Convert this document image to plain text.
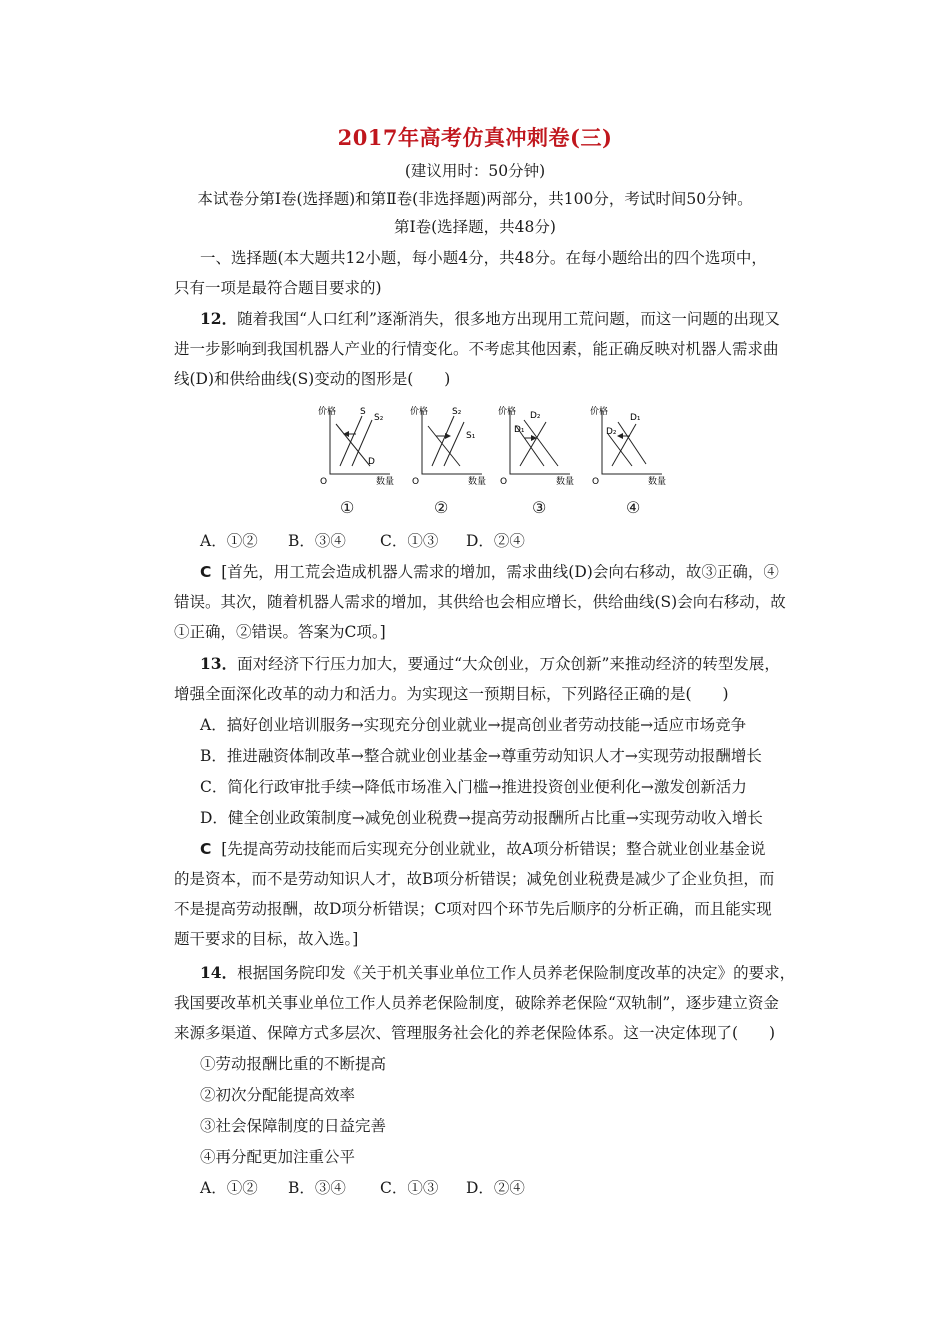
2017年高考仿真冲刺卷(三)
(建议用时：50分钟)
本试卷分第Ⅰ卷(选择题)和第Ⅱ卷(非选择题)两部分，共100分，考试时间50分钟。
第Ⅰ卷(选择题，共48分)
一、选择题(本大题共12小题，每小题4分，共48分。在每小题给出的四个选项中，
只有一项是最符合题目要求的)
12．随着我国“人口红利”逐渐消失，很多地方出现用工荒问题，而这一问题的出现又
进一步影响到我国机器人产业的行情变化。不考虑其他因素，能正确反映对机器人需求曲
线(D)和供给曲线(S)变动的图形是(　　)
价格	S
S₂
D
O	数量
价格	S₂
S₁
O	数量
价格 D₂
D₁
O	数量
价格
D₁
D₂
O	数量
①	②	③	④
A．①② B．③④ C．①③ D．②④
C [首先，用工荒会造成机器人需求的增加，需求曲线(D)会向右移动，故③正确，④
错误。其次，随着机器人需求的增加，其供给也会相应增长，供给曲线(S)会向右移动，故
①正确，②错误。答案为C项。]
13．面对经济下行压力加大，要通过“大众创业，万众创新”来推动经济的转型发展，
增强全面深化改革的动力和活力。为实现这一预期目标，下列路径正确的是(　　)
A．搞好创业培训服务→实现充分创业就业→提高创业者劳动技能→适应市场竞争
B．推进融资体制改革→整合就业创业基金→尊重劳动知识人才→实现劳动报酬增长
C．简化行政审批手续→降低市场准入门槛→推进投资创业便利化→激发创新活力
D．健全创业政策制度→减免创业税费→提高劳动报酬所占比重→实现劳动收入增长
C [先提高劳动技能而后实现充分创业就业，故A项分析错误；整合就业创业基金说
的是资本，而不是劳动知识人才，故B项分析错误；减免创业税费是减少了企业负担，而
不是提高劳动报酬，故D项分析错误；C项对四个环节先后顺序的分析正确，而且能实现
题干要求的目标，故入选。]
14．根据国务院印发《关于机关事业单位工作人员养老保险制度改革的决定》的要求，
我国要改革机关事业单位工作人员养老保险制度，破除养老保险“双轨制”，逐步建立资金
来源多渠道、保障方式多层次、管理服务社会化的养老保险体系。这一决定体现了(　　)
①劳动报酬比重的不断提高
②初次分配能提高效率
③社会保障制度的日益完善
④再分配更加注重公平
A．①② B．③④ C．①③ D．②④
